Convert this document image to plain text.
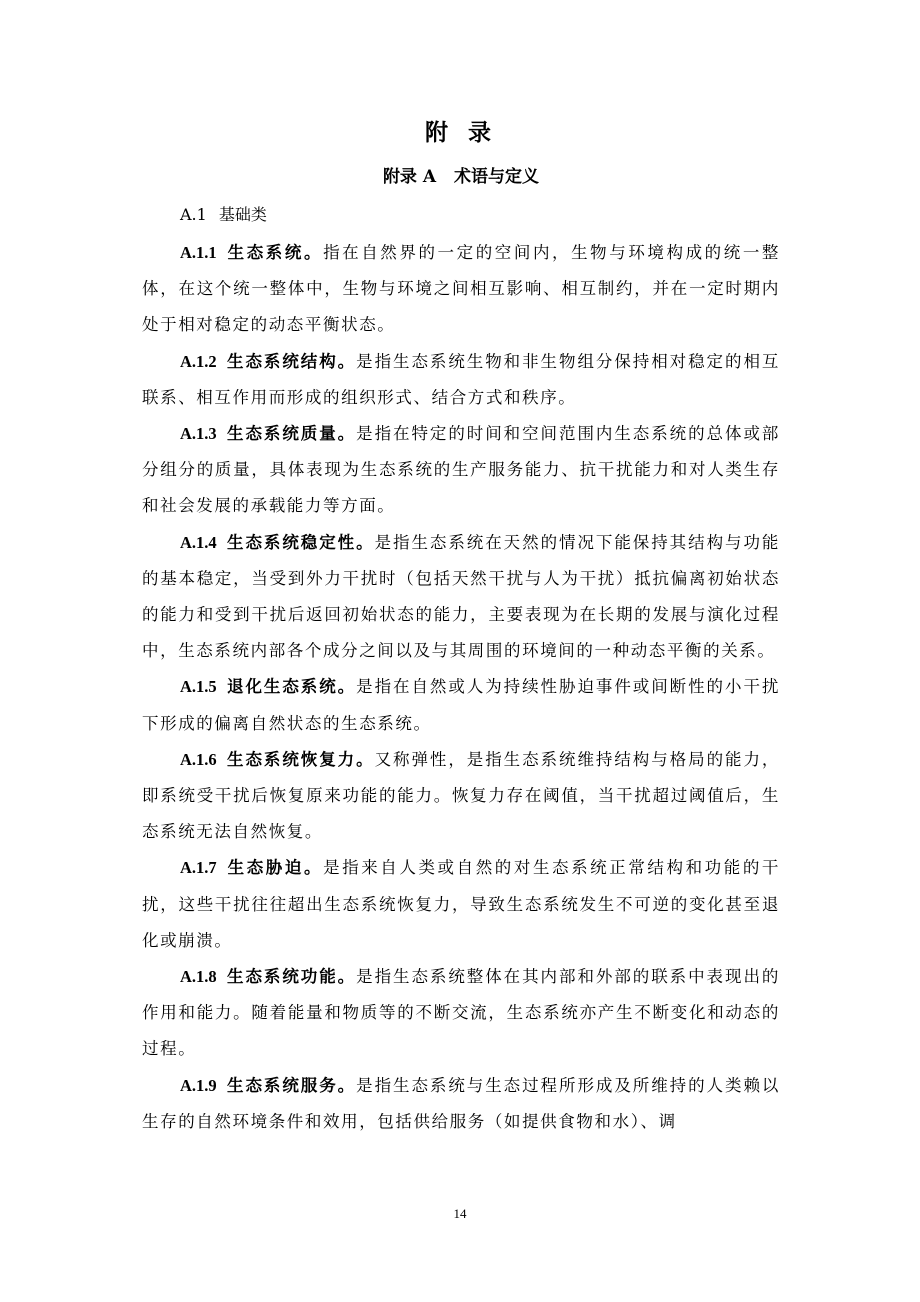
附 录
附录 A 术语与定义
A.1 基础类

A.1.1 生态系统。指在自然界的一定的空间内，生物与环境构成的统一整体，在这个统一整体中，生物与环境之间相互影响、相互制约，并在一定时期内处于相对稳定的动态平衡状态。

A.1.2 生态系统结构。是指生态系统生物和非生物组分保持相对稳定的相互联系、相互作用而形成的组织形式、结合方式和秩序。

A.1.3 生态系统质量。是指在特定的时间和空间范围内生态系统的总体或部分组分的质量，具体表现为生态系统的生产服务能力、抗干扰能力和对人类生存和社会发展的承载能力等方面。

A.1.4 生态系统稳定性。是指生态系统在天然的情况下能保持其结构与功能的基本稳定，当受到外力干扰时（包括天然干扰与人为干扰）抵抗偏离初始状态的能力和受到干扰后返回初始状态的能力，主要表现为在长期的发展与演化过程中，生态系统内部各个成分之间以及与其周围的环境间的一种动态平衡的关系。

A.1.5 退化生态系统。是指在自然或人为持续性胁迫事件或间断性的小干扰下形成的偏离自然状态的生态系统。

A.1.6 生态系统恢复力。又称弹性，是指生态系统维持结构与格局的能力，即系统受干扰后恢复原来功能的能力。恢复力存在阈值，当干扰超过阈值后，生态系统无法自然恢复。

A.1.7 生态胁迫。是指来自人类或自然的对生态系统正常结构和功能的干扰，这些干扰往往超出生态系统恢复力，导致生态系统发生不可逆的变化甚至退化或崩溃。

A.1.8 生态系统功能。是指生态系统整体在其内部和外部的联系中表现出的作用和能力。随着能量和物质等的不断交流，生态系统亦产生不断变化和动态的过程。

A.1.9 生态系统服务。是指生态系统与生态过程所形成及所维持的人类赖以生存的自然环境条件和效用，包括供给服务（如提供食物和水）、调

14
